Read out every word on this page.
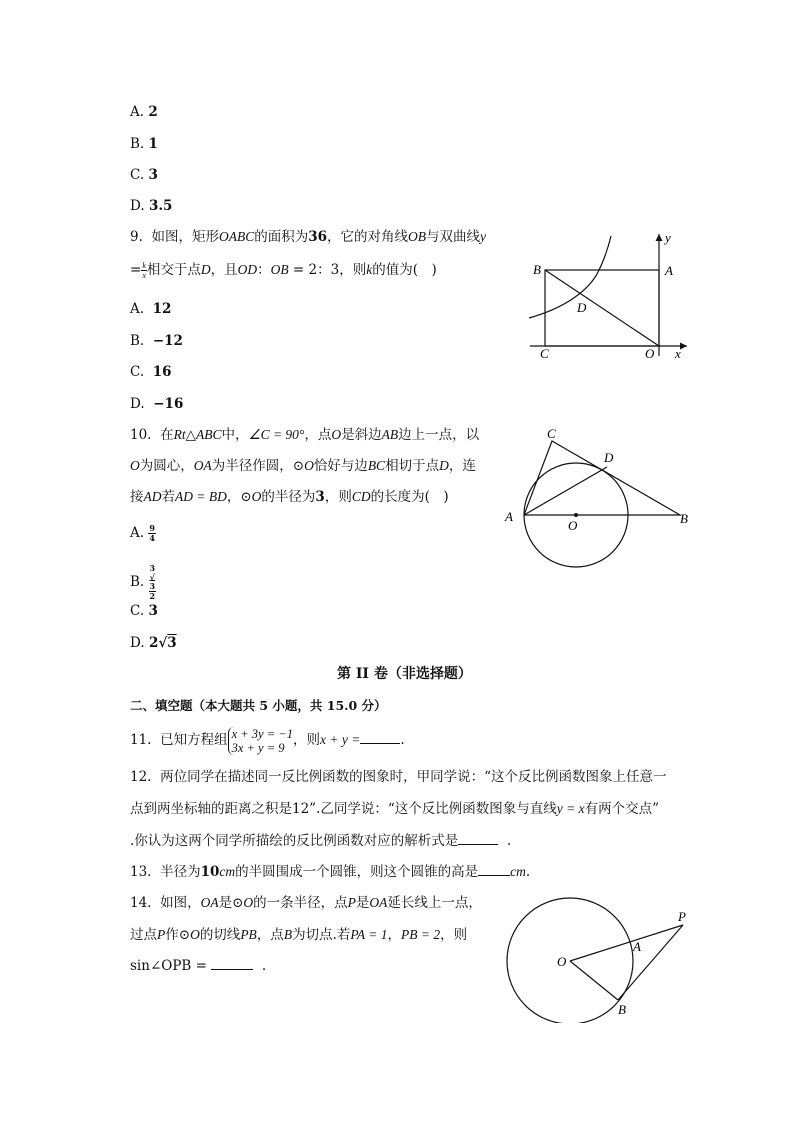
A. 2
B. 1
C. 3
D. 3.5
9. 如图，矩形OABC的面积为36，它的对角线OB与双曲线y
= $\frac{k}{x}$ 相交于点D，且OD：OB = 2：3，则k的值为(　)
A. 12
B. −12
C. 16
D. −16
y
B	A
D
C	O x
10. 在Rt△ABC中，∠C = 90°，点O是斜边AB边上一点，以
O为圆心，OA为半径作圆，⊙O恰好与边BC相切于点D，连
接AD若AD = BD，⊙O的半径为3，则CD的长度为(　)
A. $\frac{9}{4}$
B. 3
√
3
2
C. 3
D. 2√3
C
D
A
O	B
第 II 卷（非选择题）
二、填空题（本大题共 5 小题，共 15.0 分）
11. 已知方程组 x + 3y = −1
3x + y = 9 ，则x + y =	.
12. 两位同学在描述同一反比例函数的图象时，甲同学说：“这个反比例函数图象上任意一
点到两坐标轴的距离之积是12”.乙同学说：“这个反比例函数图象与直线y = x有两个交点”
.你认为这两个同学所描绘的反比例函数对应的解析式是	.
13. 半径为10cm的半圆围成一个圆锥，则这个圆锥的高是 cm.
14. 如图，OA是⊙O的一条半径，点P是OA延长线上一点，
过点P作⊙O的切线PB，点B为切点.若PA = 1，PB = 2，则
sin∠OPB =	.
P
A
O
B
